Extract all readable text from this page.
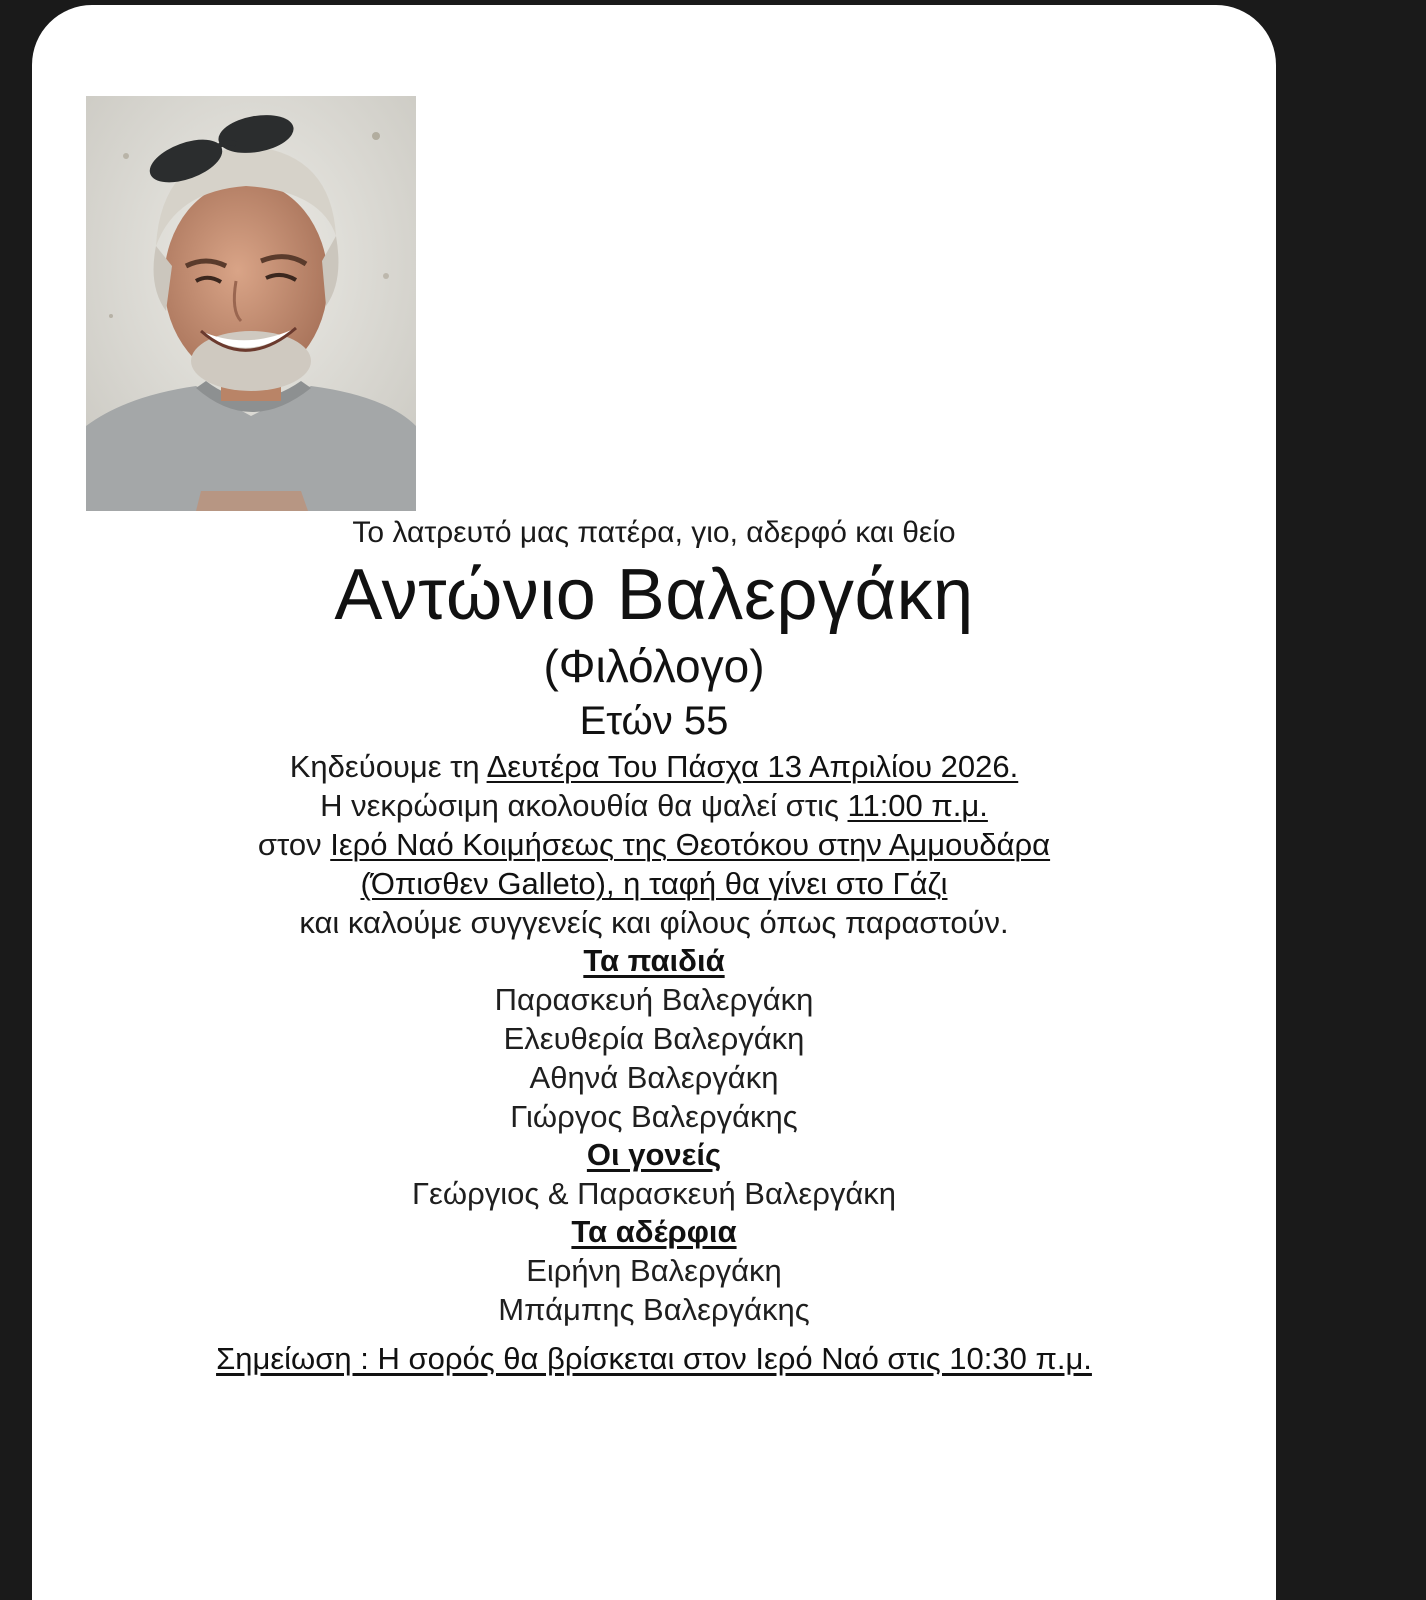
Το λατρευτό μας πατέρα, γιο, αδερφό και θείο
Αντώνιο Βαλεργάκη
(Φιλόλογο)
Ετών 55
Κηδεύουμε τη Δευτέρα Του Πάσχα 13 Απριλίου 2026.
Η νεκρώσιμη ακολουθία θα ψαλεί στις 11:00 π.μ.
στον Ιερό Ναό Κοιμήσεως της Θεοτόκου στην Αμμουδάρα
(Όπισθεν Galleto), η ταφή θα γίνει στο Γάζι
και καλούμε συγγενείς και φίλους όπως παραστούν.
Τα παιδιά
Παρασκευή Βαλεργάκη
Ελευθερία Βαλεργάκη
Αθηνά Βαλεργάκη
Γιώργος Βαλεργάκης
Οι γονείς
Γεώργιος & Παρασκευή Βαλεργάκη
Τα αδέρφια
Ειρήνη Βαλεργάκη
Μπάμπης Βαλεργάκης
Σημείωση : Η σορός θα βρίσκεται στον Ιερό Ναό στις 10:30 π.μ.
